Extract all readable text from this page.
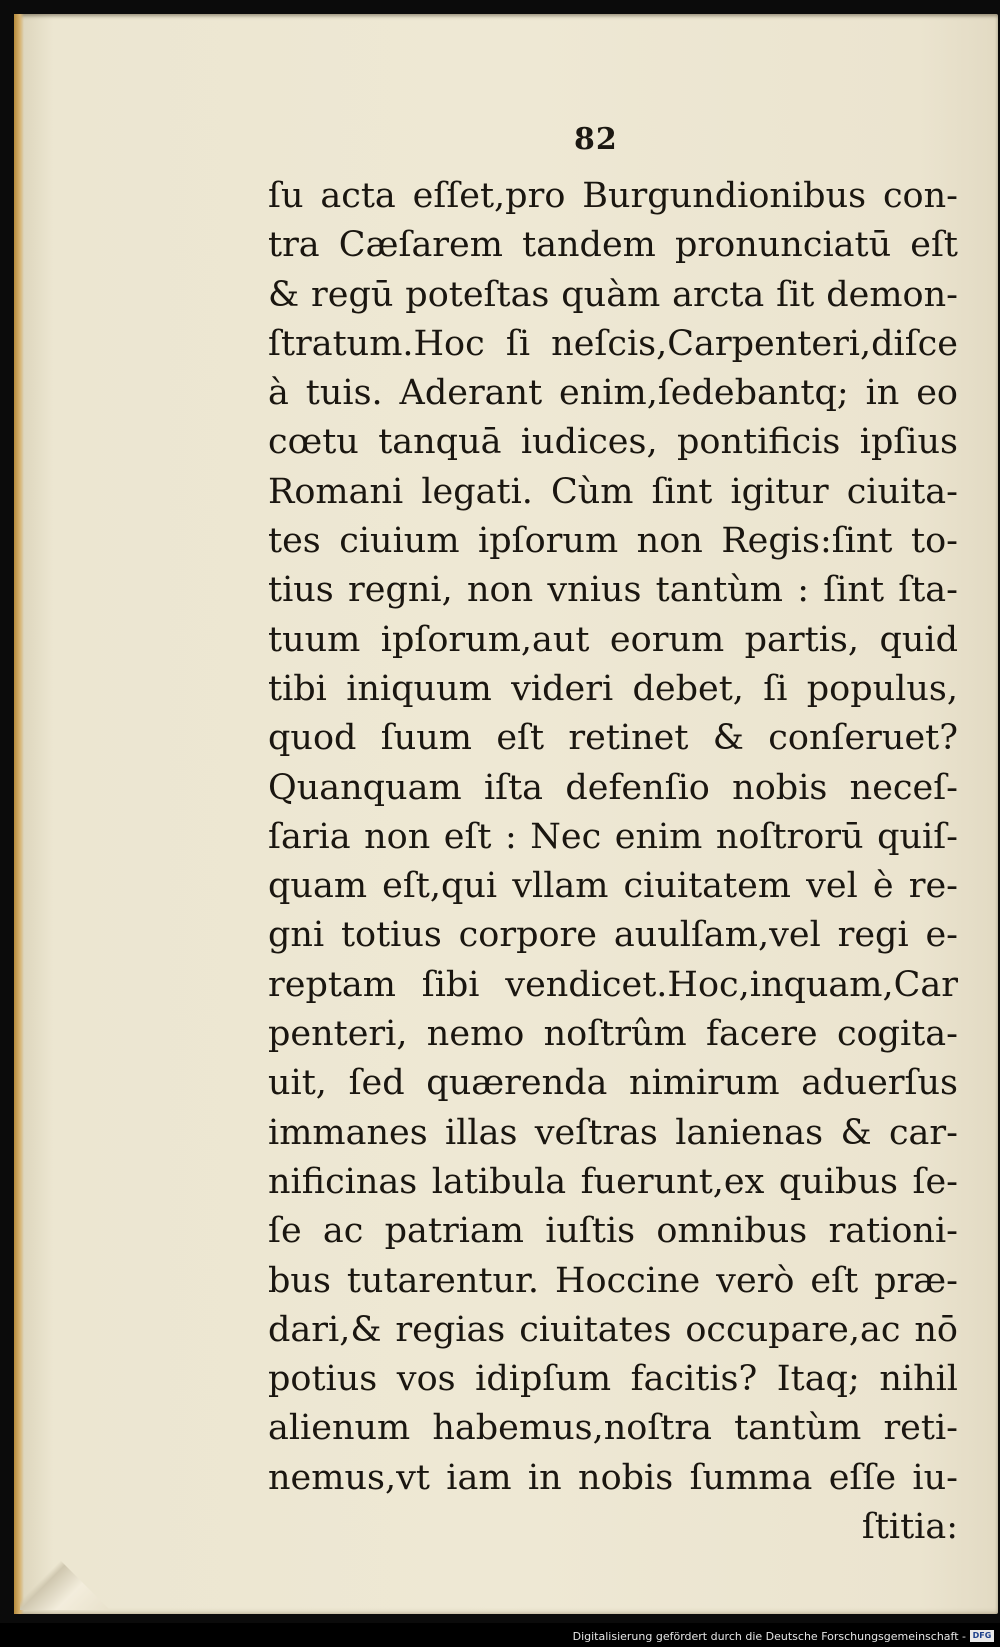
82
ſu acta eſſet,pro Burgundionibus con-
tra Cæſarem tandem pronunciatū eſt
& regū poteſtas quàm arcta ſit demon-
ſtratum.Hoc ſi neſcis,Carpenteri,diſce
à tuis. Aderant enim,ſedebantq; in eo
cœtu tanquā iudices, pontificis ipſius
Romani legati. Cùm ſint igitur ciuita-
tes ciuium ipſorum non Regis:ſint to-
tius regni, non vnius tantùm : ſint ſta-
tuum ipſorum,aut eorum partis, quid
tibi iniquum videri debet, ſi populus,
quod ſuum eſt retinet & conſeruet?
Quanquam iſta defenſio nobis neceſ-
ſaria non eſt : Nec enim noſtrorū quiſ-
quam eſt,qui vllam ciuitatem vel è re-
gni totius corpore auulſam,vel regi e-
reptam ſibi vendicet.Hoc,inquam,Car
penteri, nemo noſtrûm facere cogita-
uit, ſed quærenda nimirum aduerſus
immanes illas veſtras lanienas & car-
nificinas latibula fuerunt,ex quibus ſe-
ſe ac patriam iuſtis omnibus rationi-
bus tutarentur. Hoccine verò eſt præ-
dari,& regias ciuitates occupare,ac nō
potius vos idipſum facitis? Itaq; nihil
alienum habemus,noſtra tantùm reti-
nemus,vt iam in nobis ſumma eſſe iu-
ſtitia:
Digitalisierung gefördert durch die Deutsche Forschungsgemeinschaft - DFG
